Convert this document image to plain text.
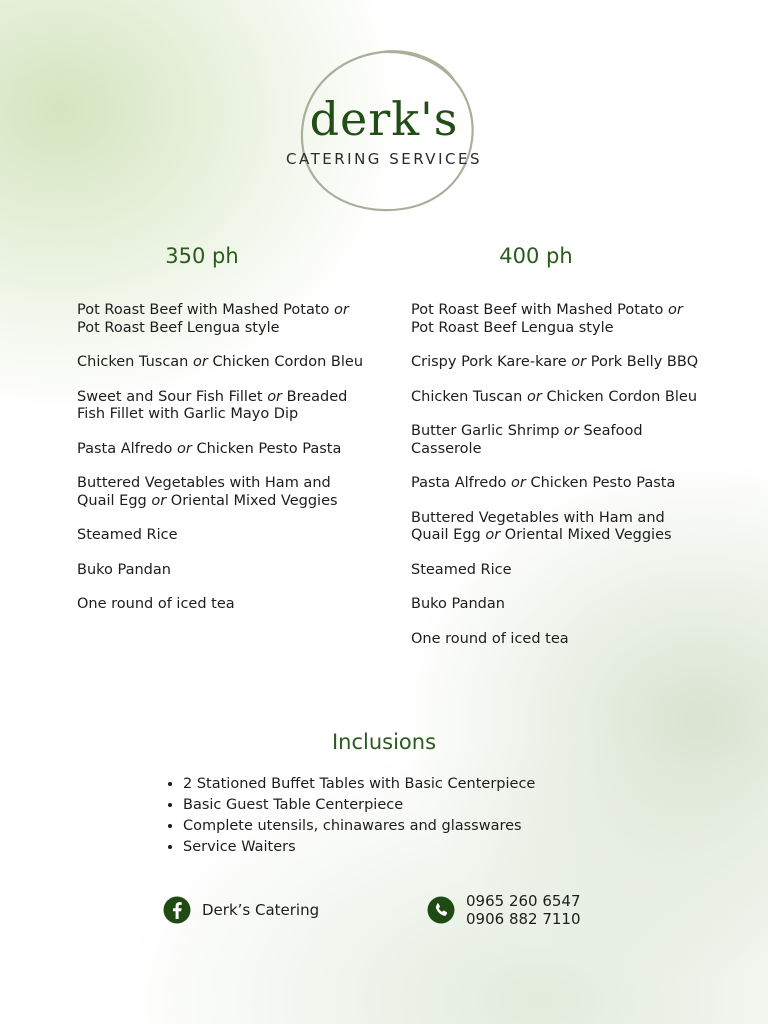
derk's
CATERING SERVICES
350 ph
Pot Roast Beef with Mashed Potato or Pot Roast Beef Lengua style
Chicken Tuscan or Chicken Cordon Bleu
Sweet and Sour Fish Fillet or Breaded Fish Fillet with Garlic Mayo Dip
Pasta Alfredo or Chicken Pesto Pasta
Buttered Vegetables with Ham and Quail Egg or Oriental Mixed Veggies
Steamed Rice
Buko Pandan
One round of iced tea
400 ph
Pot Roast Beef with Mashed Potato or Pot Roast Beef Lengua style
Crispy Pork Kare-kare or Pork Belly BBQ
Chicken Tuscan or Chicken Cordon Bleu
Butter Garlic Shrimp or Seafood Casserole
Pasta Alfredo or Chicken Pesto Pasta
Buttered Vegetables with Ham and Quail Egg or Oriental Mixed Veggies
Steamed Rice
Buko Pandan
One round of iced tea
Inclusions
• 2 Stationed Buffet Tables with Basic Centerpiece
• Basic Guest Table Centerpiece
• Complete utensils, chinawares and glasswares
• Service Waiters
Derk’s Catering	0965 260 6547
0906 882 7110
